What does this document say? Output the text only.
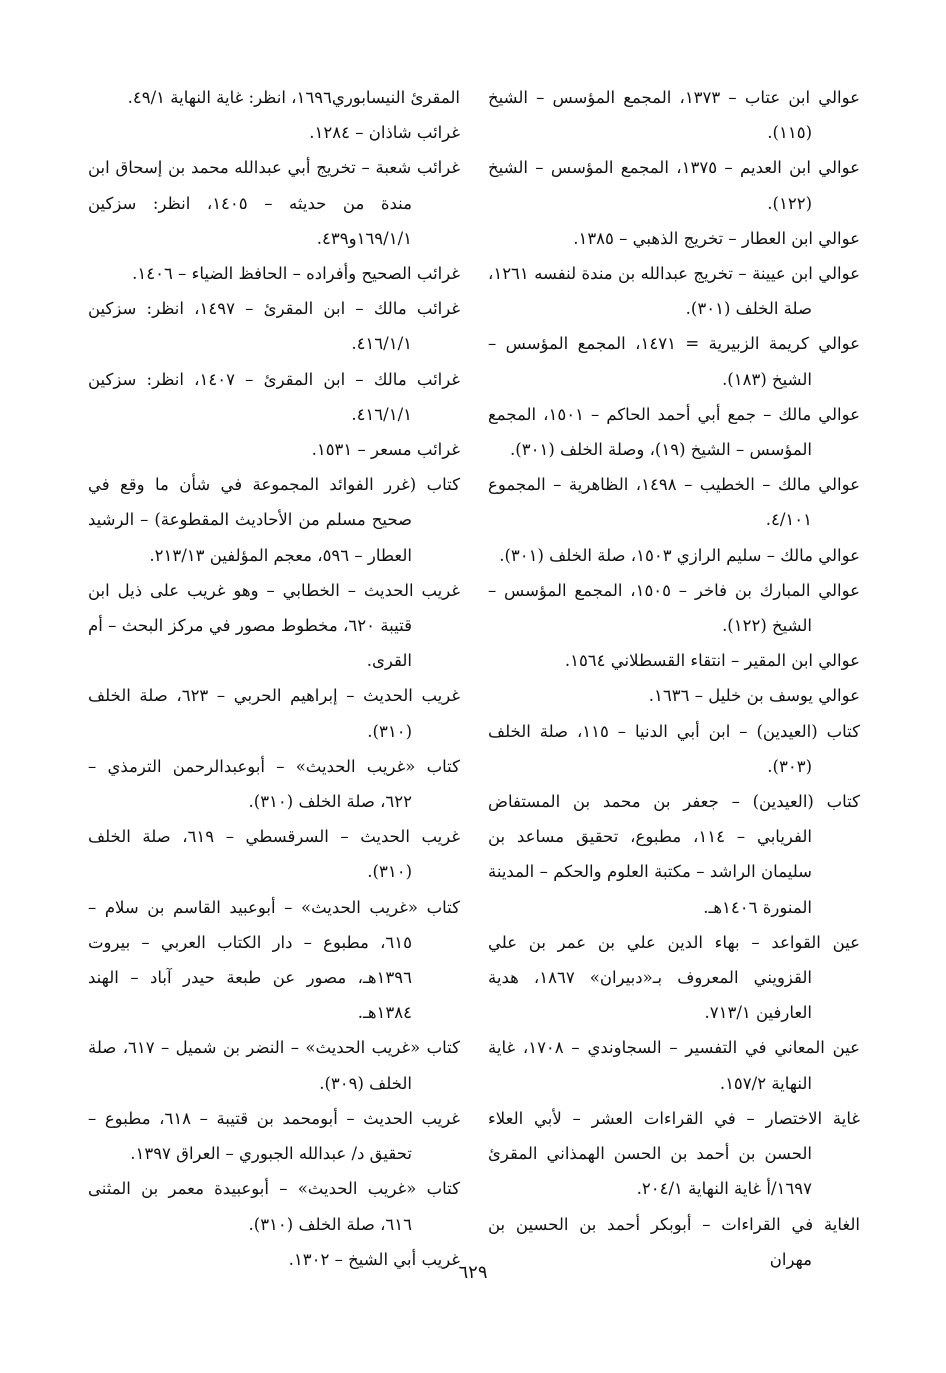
عوالي ابن عتاب – ١٣٧٣، المجمع المؤسس – الشيخ (١١٥).

عوالي ابن العديم – ١٣٧٥، المجمع المؤسس – الشيخ (١٢٢).

عوالي ابن العطار – تخريج الذهبي – ١٣٨٥.

عوالي ابن عيينة – تخريج عبدالله بن مندة لنفسه ١٢٦١، صلة الخلف (٣٠١).

عوالي كريمة الزبيرية = ١٤٧١، المجمع المؤسس – الشيخ (١٨٣).

عوالي مالك – جمع أبي أحمد الحاكم – ١٥٠١، المجمع المؤسس – الشيخ (١٩)، وصلة الخلف (٣٠١).

عوالي مالك – الخطيب – ١٤٩٨، الظاهرية – المجموع ٤/١٠١.

عوالي مالك – سليم الرازي ١٥٠٣، صلة الخلف (٣٠١).

عوالي المبارك بن فاخر – ١٥٠٥، المجمع المؤسس – الشيخ (١٢٢).

عوالي ابن المقير – انتقاء القسطلاني ١٥٦٤.

عوالي يوسف بن خليل – ١٦٣٦.

كتاب (العيدين) – ابن أبي الدنيا – ١١٥، صلة الخلف (٣٠٣).

كتاب (العيدين) – جعفر بن محمد بن المستفاض الفريابي – ١١٤، مطبوع، تحقيق مساعد بن سليمان الراشد – مكتبة العلوم والحكم – المدينة المنورة ١٤٠٦هـ.

عين القواعد – بهاء الدين علي بن عمر بن علي القزويني المعروف بـ«دبيران» ١٨٦٧، هدية العارفين ٧١٣/١.

عين المعاني في التفسير – السجاوندي – ١٧٠٨، غاية النهاية ١٥٧/٢.

غاية الاختصار – في القراءات العشر – لأبي العلاء الحسن بن أحمد بن الحسن الهمذاني المقرئ ١٦٩٧/أ غاية النهاية ٢٠٤/١.

الغاية في القراءات – أبوبكر أحمد بن الحسين بن مهران

المقرئ النيسابوري١٦٩٦، انظر: غاية النهاية ٤٩/١.

غرائب شاذان – ١٢٨٤.

غرائب شعبة – تخريج أبي عبدالله محمد بن إسحاق ابن مندة من حديثه – ١٤٠٥، انظر: سزكين ١٦٩/١/١و٤٣٩.

غرائب الصحيح وأفراده – الحافظ الضياء – ١٤٠٦.

غرائب مالك – ابن المقرئ – ١٤٩٧، انظر: سزكين ٤١٦/١/١.

غرائب مالك – ابن المقرئ – ١٤٠٧، انظر: سزكين ٤١٦/١/١.

غرائب مسعر – ١٥٣١.

كتاب (غرر الفوائد المجموعة في شأن ما وقع في صحيح مسلم من الأحاديث المقطوعة) – الرشيد العطار – ٥٩٦، معجم المؤلفين ٢١٣/١٣.

غريب الحديث – الخطابي – وهو غريب على ذيل ابن قتيبة ٦٢٠، مخطوط مصور في مركز البحث – أم القرى.

غريب الحديث – إبراهيم الحربي – ٦٢٣، صلة الخلف (٣١٠).

كتاب «غريب الحديث» – أبوعبدالرحمن الترمذي – ٦٢٢، صلة الخلف (٣١٠).

غريب الحديث – السرقسطي – ٦١٩، صلة الخلف (٣١٠).

كتاب «غريب الحديث» – أبوعبيد القاسم بن سلام – ٦١٥، مطبوع – دار الكتاب العربي – بيروت ١٣٩٦هـ، مصور عن طبعة حيدر آباد – الهند ١٣٨٤هـ.

كتاب «غريب الحديث» – النضر بن شميل – ٦١٧، صلة الخلف (٣٠٩).

غريب الحديث – أبومحمد بن قتيبة – ٦١٨، مطبوع – تحقيق د/ عبدالله الجبوري – العراق ١٣٩٧.

كتاب «غريب الحديث» – أبوعبيدة معمر بن المثنى ٦١٦، صلة الخلف (٣١٠).

غريب أبي الشيخ – ١٣٠٢.

٦٢٩
